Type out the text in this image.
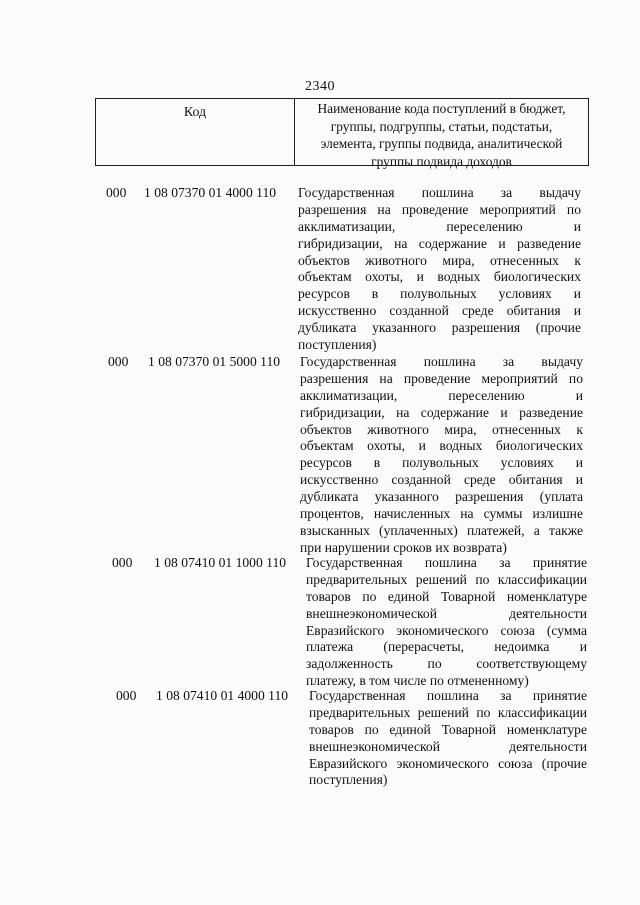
2340
Код	Наименование кода поступлений в бюджет,
группы, подгруппы, статьи, подстатьи,
элемента, группы подвида, аналитической
группы подвида доходов
000 1 08 07370 01 4000 110 Государственная пошлина за выдачу
разрешения на проведение мероприятий по
акклиматизации, переселению и
гибридизации, на содержание и разведение
объектов животного мира, отнесенных к
объектам охоты, и водных биологических
ресурсов в полувольных условиях и
искусственно созданной среде обитания и
дубликата указанного разрешения (прочие
поступления)
000 1 08 07370 01 5000 110 Государственная пошлина за выдачу
разрешения на проведение мероприятий по
акклиматизации, переселению и
гибридизации, на содержание и разведение
объектов животного мира, отнесенных к
объектам охоты, и водных биологических
ресурсов в полувольных условиях и
искусственно созданной среде обитания и
дубликата указанного разрешения (уплата
процентов, начисленных на суммы излишне
взысканных (уплаченных) платежей, а также
при нарушении сроков их возврата)
000 1 08 07410 01 1000 110 Государственная пошлина за принятие
предварительных решений по классификации
товаров по единой Товарной номенклатуре
внешнеэкономической деятельности
Евразийского экономического союза (сумма
платежа (перерасчеты, недоимка и
задолженность по соответствующему
платежу, в том числе по отмененному)
000 1 08 07410 01 4000 110 Государственная пошлина за принятие
предварительных решений по классификации
товаров по единой Товарной номенклатуре
внешнеэкономической деятельности
Евразийского экономического союза (прочие
поступления)
